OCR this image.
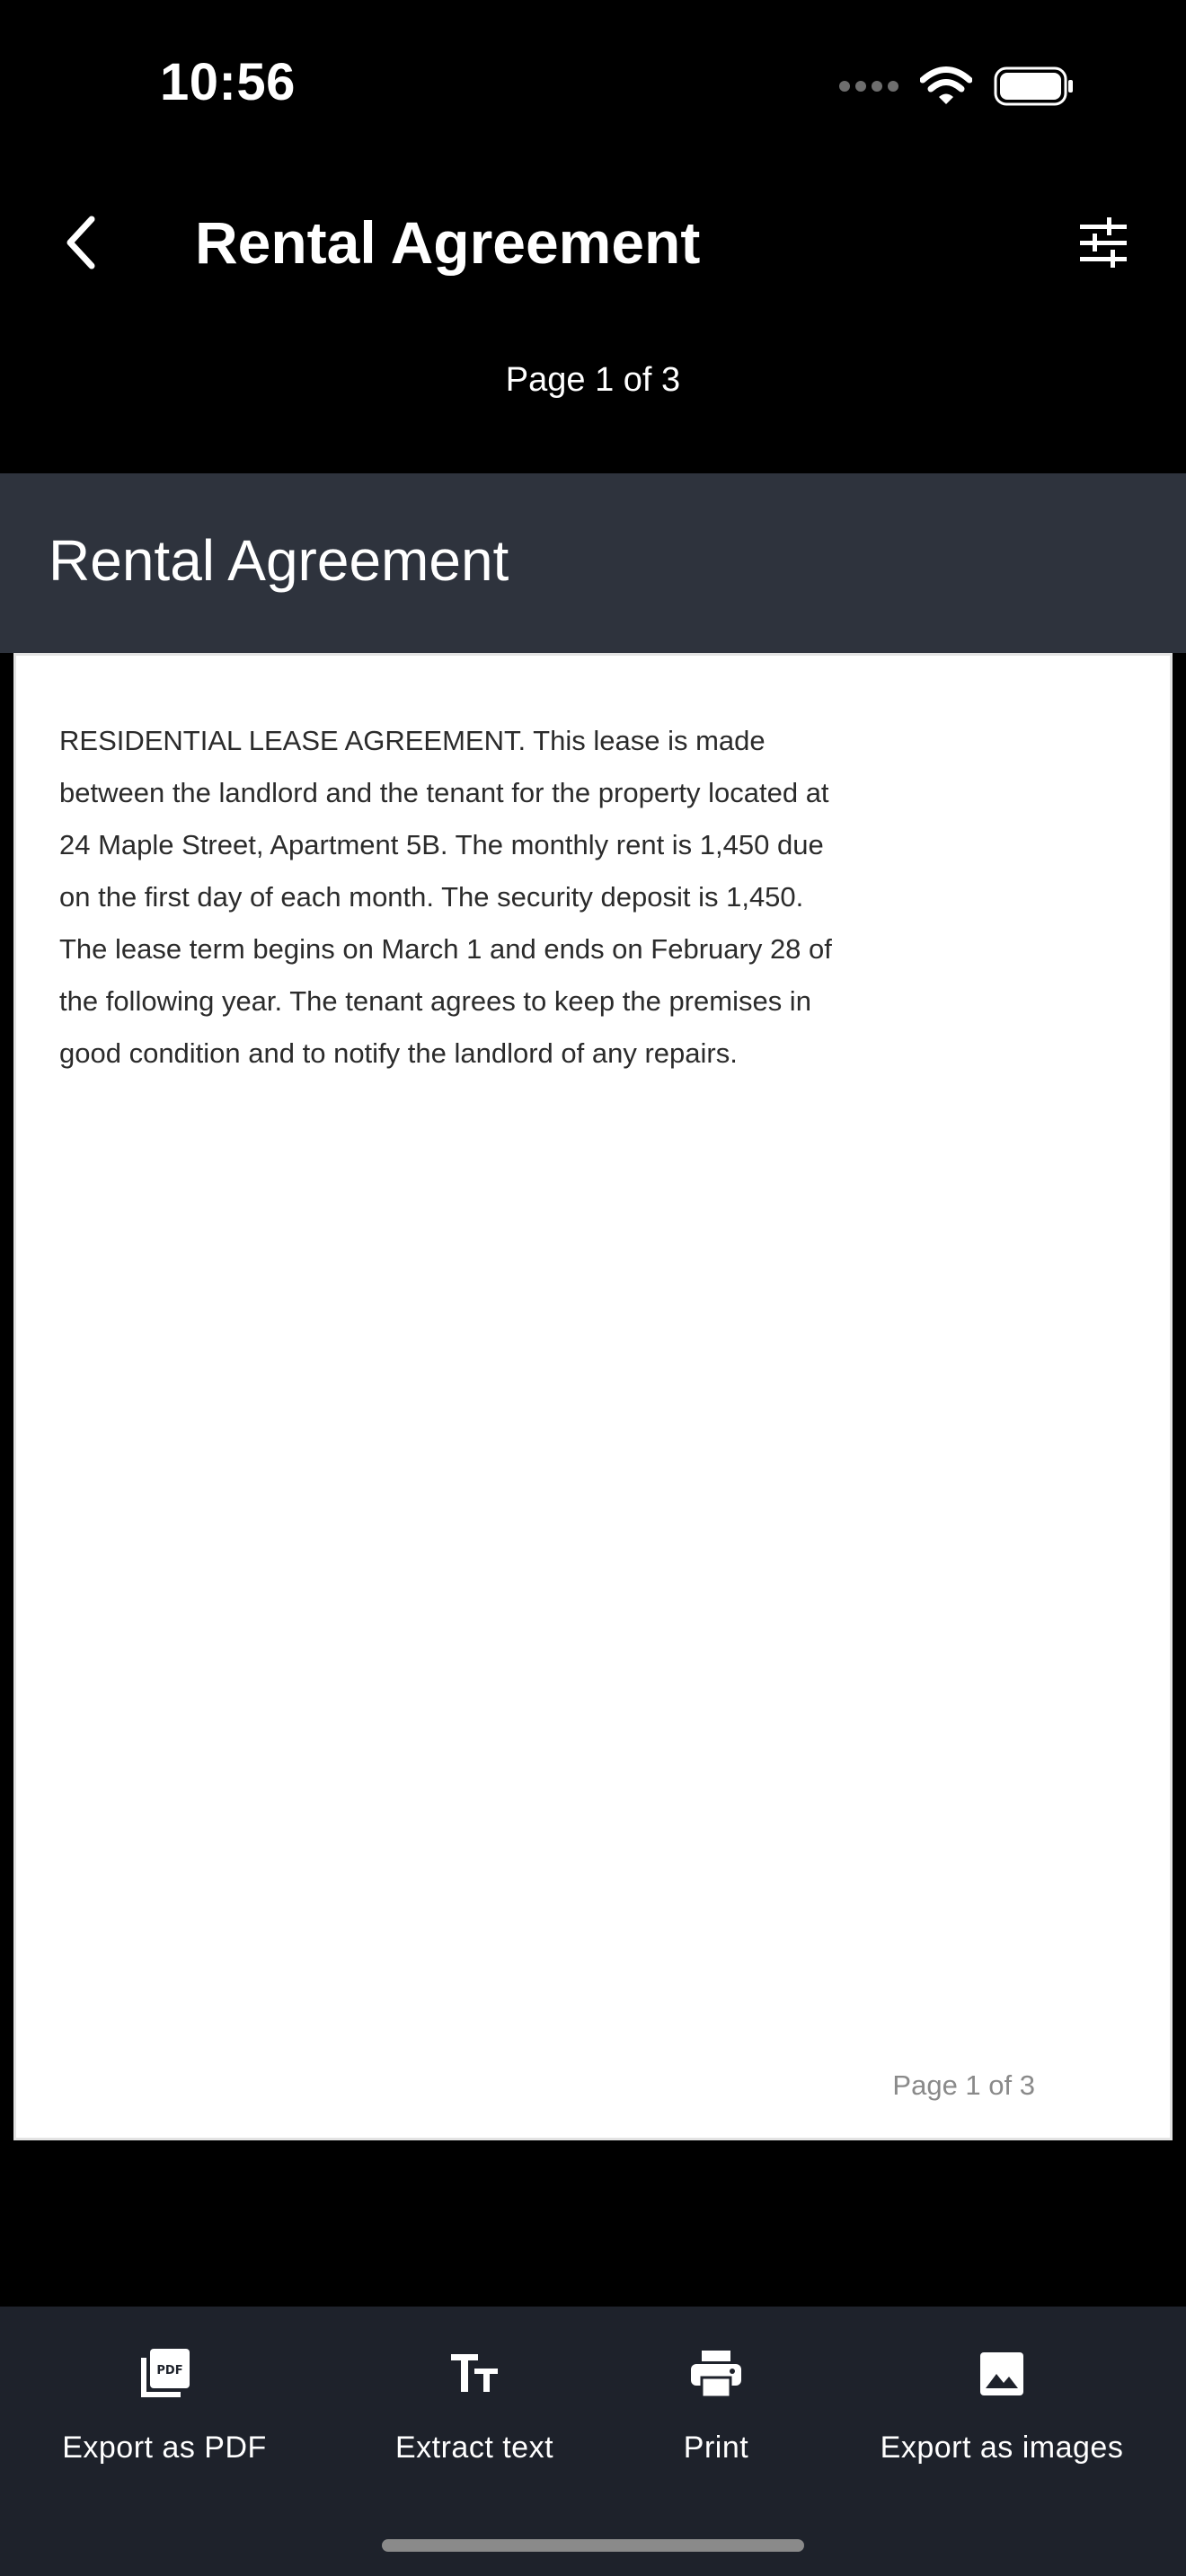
10:56
Rental Agreement
Page 1 of 3
Rental Agreement

RESIDENTIAL LEASE AGREEMENT. This lease is made between the landlord and the tenant for the property located at 24 Maple Street, Apartment 5B. The monthly rent is 1,450 due on the first day of each month. The security deposit is 1,450. The lease term begins on March 1 and ends on February 28 of the following year. The tenant agrees to keep the premises in good condition and to notify the landlord of any repairs.

Page 1 of 3
PDF
Export as PDF	Extract text	Print	Export as images
